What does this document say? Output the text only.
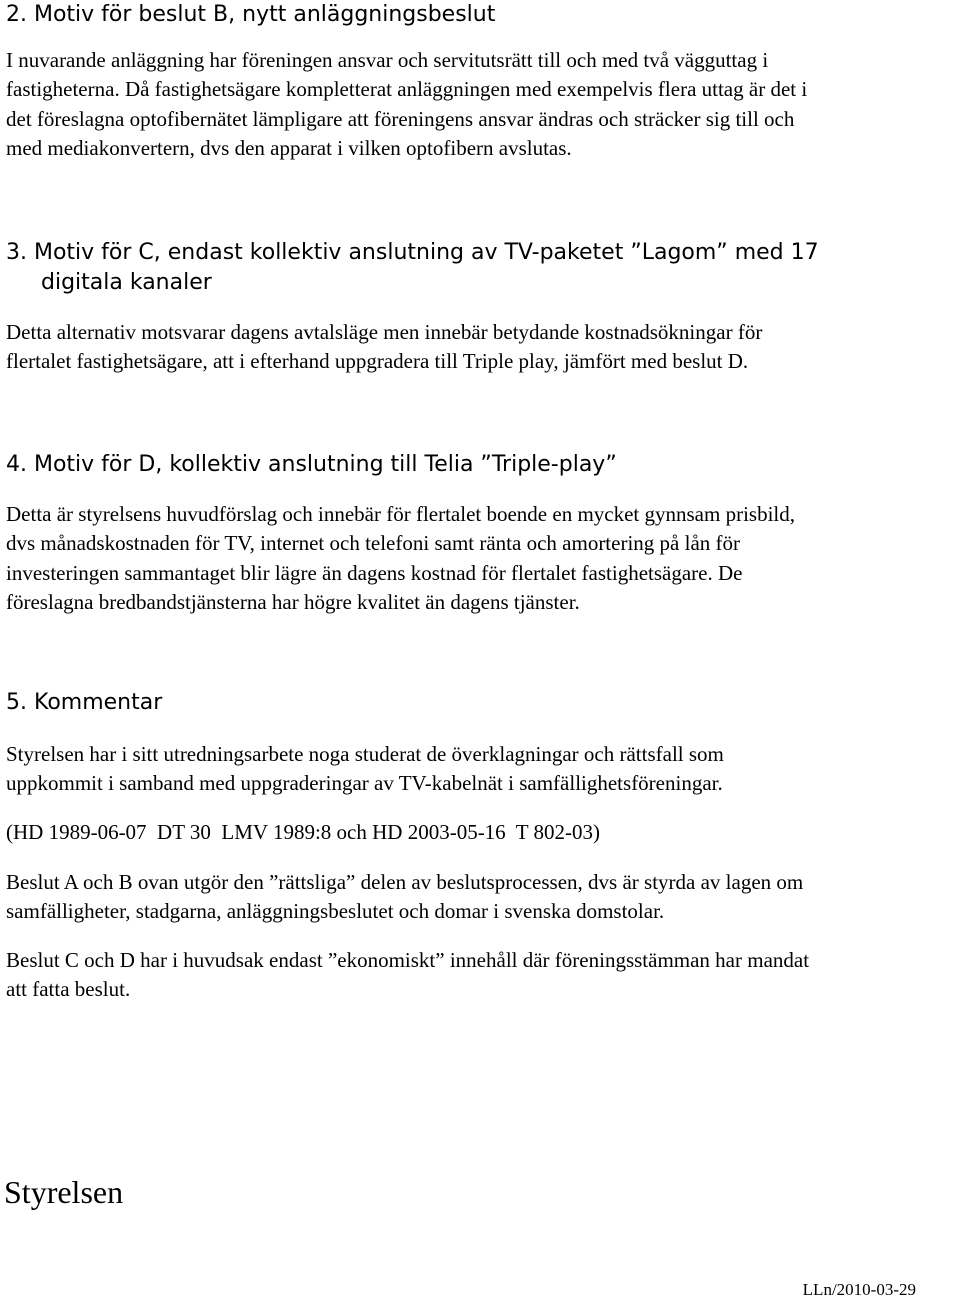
2. Motiv för beslut B, nytt anläggningsbeslut

I nuvarande anläggning har föreningen ansvar och servitutsrätt till och med två vägguttag i
fastigheterna. Då fastighetsägare kompletterat anläggningen med exempelvis flera uttag är det i
det föreslagna optofibernätet lämpligare att föreningens ansvar ändras och sträcker sig till och
med mediakonvertern, dvs den apparat i vilken optofibern avslutas.

3. Motiv för C, endast kollektiv anslutning av TV-paketet ”Lagom” med 17
digitala kanaler

Detta alternativ motsvarar dagens avtalsläge men innebär betydande kostnadsökningar för
flertalet fastighetsägare, att i efterhand uppgradera till Triple play, jämfört med beslut D.

4. Motiv för D, kollektiv anslutning till Telia ”Triple-play”

Detta är styrelsens huvudförslag och innebär för flertalet boende en mycket gynnsam prisbild,
dvs månadskostnaden för TV, internet och telefoni samt ränta och amortering på lån för
investeringen sammantaget blir lägre än dagens kostnad för flertalet fastighetsägare. De
föreslagna bredbandstjänsterna har högre kvalitet än dagens tjänster.

5. Kommentar

Styrelsen har i sitt utredningsarbete noga studerat de överklagningar och rättsfall som
uppkommit i samband med uppgraderingar av TV-kabelnät i samfällighetsföreningar.

(HD 1989-06-07  DT 30  LMV 1989:8 och HD 2003-05-16  T 802-03)

Beslut A och B ovan utgör den ”rättsliga” delen av beslutsprocessen, dvs är styrda av lagen om
samfälligheter, stadgarna, anläggningsbeslutet och domar i svenska domstolar.

Beslut C och D har i huvudsak endast ”ekonomiskt” innehåll där föreningsstämman har mandat
att fatta beslut.

Styrelsen

LLn/2010-03-29
